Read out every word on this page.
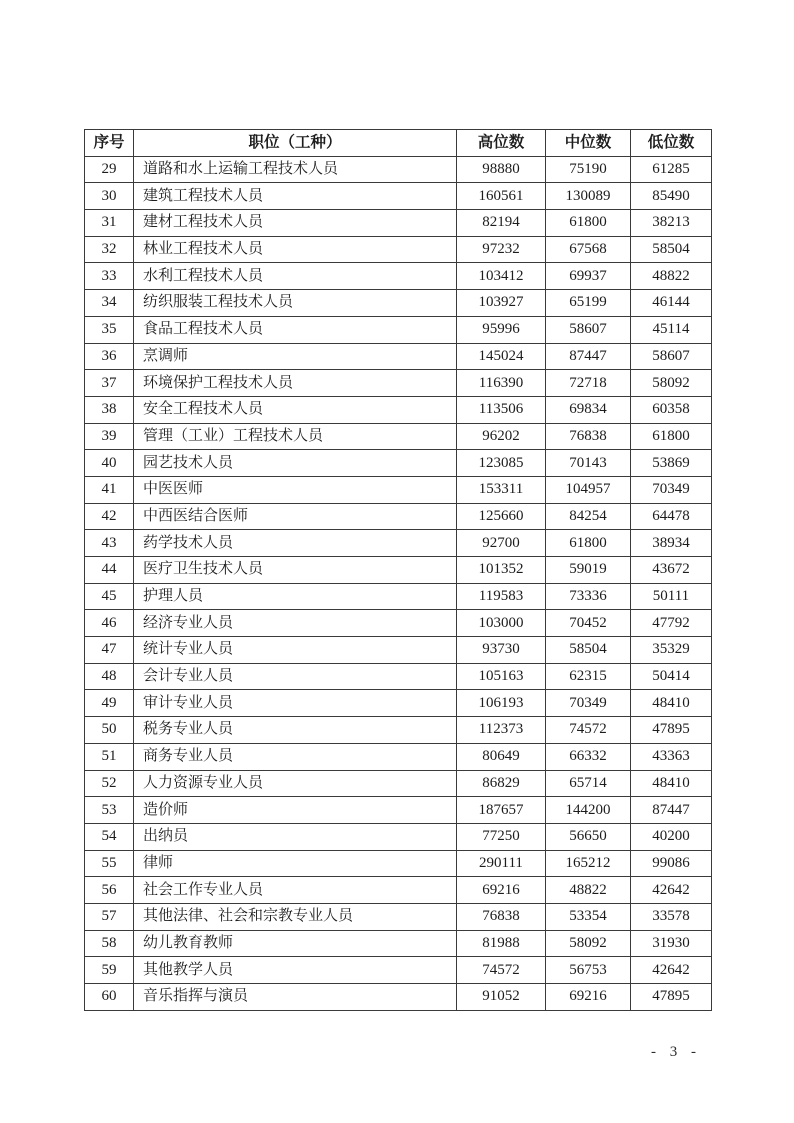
序号	职位（工种）	高位数	中位数	低位数
29	道路和水上运输工程技术人员	98880	75190	61285
30	建筑工程技术人员	160561	130089	85490
31	建材工程技术人员	82194	61800	38213
32	林业工程技术人员	97232	67568	58504
33	水利工程技术人员	103412	69937	48822
34	纺织服装工程技术人员	103927	65199	46144
35	食品工程技术人员	95996	58607	45114
36	烹调师	145024	87447	58607
37	环境保护工程技术人员	116390	72718	58092
38	安全工程技术人员	113506	69834	60358
39	管理（工业）工程技术人员	96202	76838	61800
40	园艺技术人员	123085	70143	53869
41	中医医师	153311	104957	70349
42	中西医结合医师	125660	84254	64478
43	药学技术人员	92700	61800	38934
44	医疗卫生技术人员	101352	59019	43672
45	护理人员	119583	73336	50111
46	经济专业人员	103000	70452	47792
47	统计专业人员	93730	58504	35329
48	会计专业人员	105163	62315	50414
49	审计专业人员	106193	70349	48410
50	税务专业人员	112373	74572	47895
51	商务专业人员	80649	66332	43363
52	人力资源专业人员	86829	65714	48410
53	造价师	187657	144200	87447
54	出纳员	77250	56650	40200
55	律师	290111	165212	99086
56	社会工作专业人员	69216	48822	42642
57	其他法律、社会和宗教专业人员	76838	53354	33578
58	幼儿教育教师	81988	58092	31930
59	其他教学人员	74572	56753	42642
60	音乐指挥与演员	91052	69216	47895
- 3 -
